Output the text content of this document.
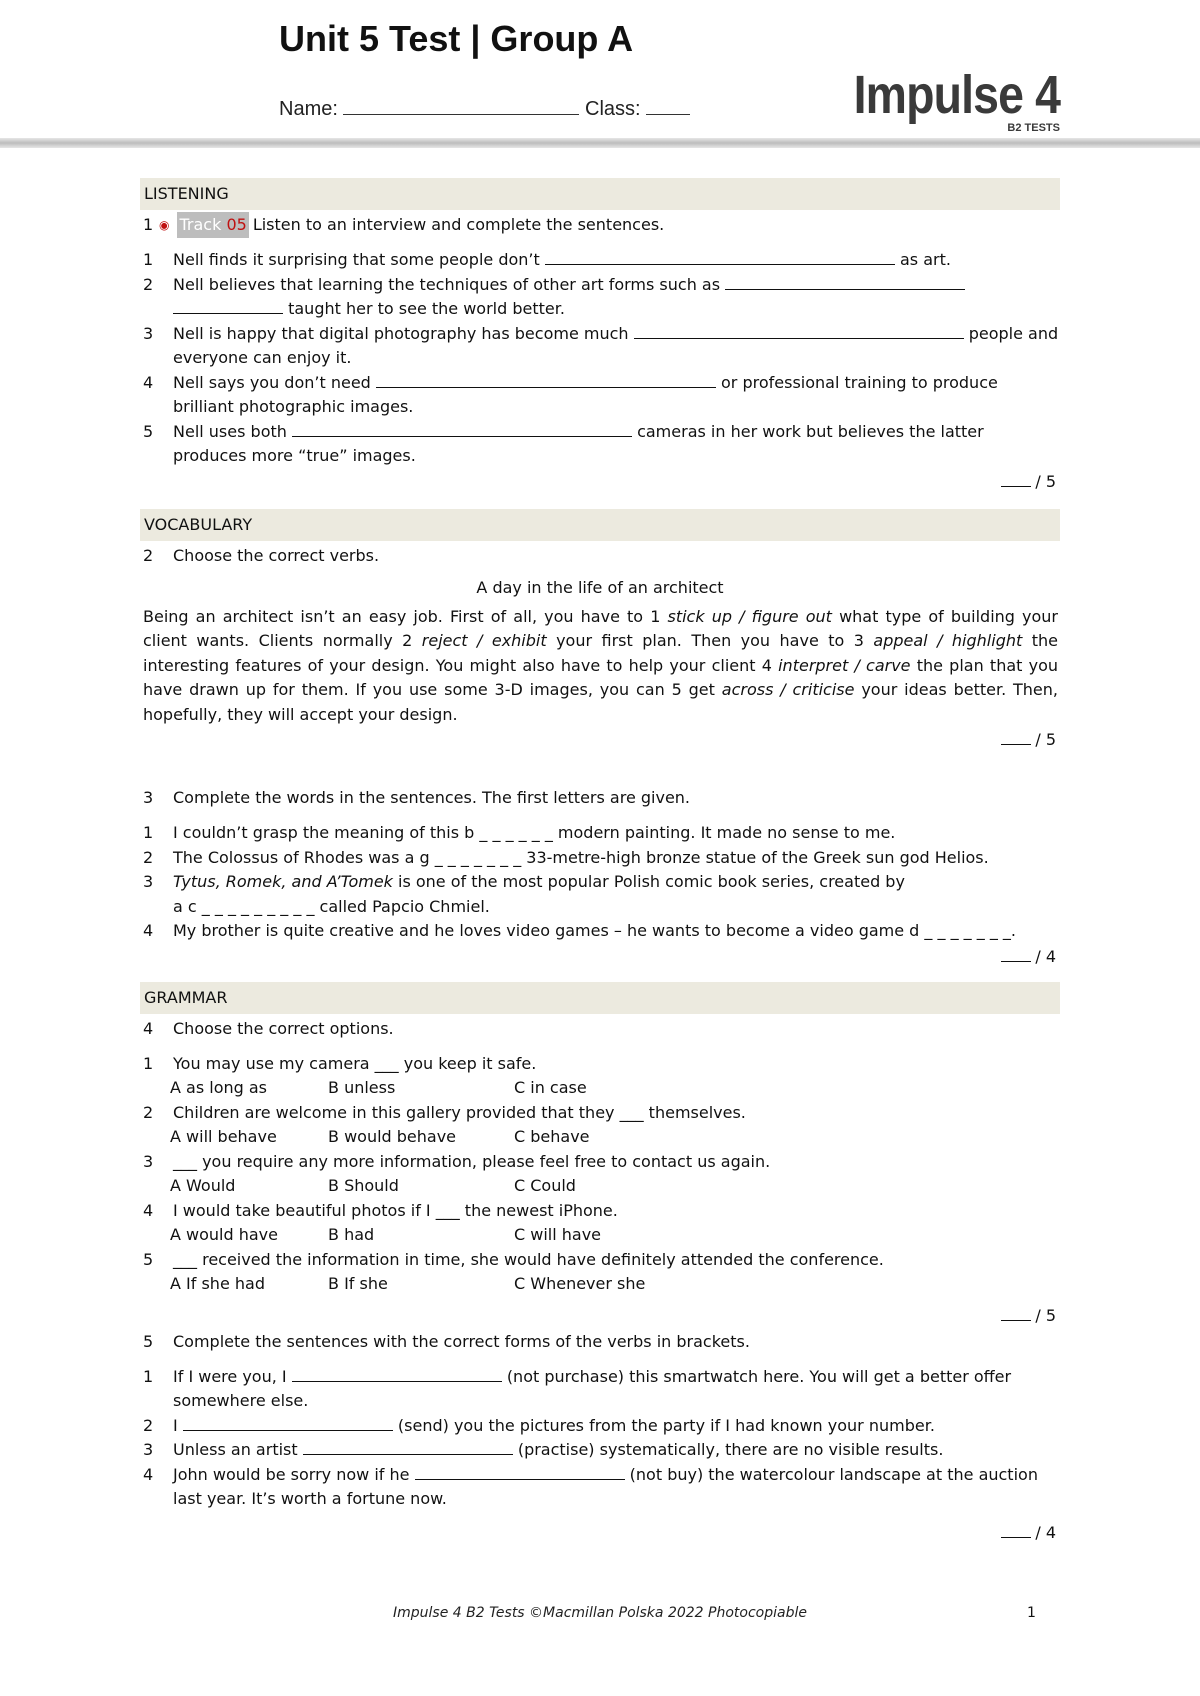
Unit 5 Test | Group A
Name:	Class:	Impulse 4
B2 TESTS
LISTENING
1 ◉ Track 05 Listen to an interview and complete the sentences.
1	Nell finds it surprising that some people don’t	as art.
2	Nell believes that learning the techniques of other art forms such as
taught her to see the world better.
3	Nell is happy that digital photography has become much	people and everyone can enjoy it.
4	Nell says you don’t need	or professional training to produce brilliant photographic images.
5	Nell uses both	cameras in her work but believes the latter produces more “true” images.
/ 5
VOCABULARY
2	Choose the correct verbs.
A day in the life of an architect
Being an architect isn’t an easy job. First of all, you have to 1 stick up / figure out what type of building your client wants. Clients normally 2 reject / exhibit your first plan. Then you have to 3 appeal / highlight the interesting features of your design. You might also have to help your client 4 interpret / carve the plan that you have drawn up for them. If you use some 3-D images, you can 5 get across / criticise your ideas better. Then, hopefully, they will accept your design.
/ 5
3	Complete the words in the sentences. The first letters are given.
1	I couldn’t grasp the meaning of this b _ _ _ _ _ _ modern painting. It made no sense to me.
2	The Colossus of Rhodes was a g _ _ _ _ _ _ _ 33-metre-high bronze statue of the Greek sun god Helios.
3	Tytus, Romek, and A’Tomek is one of the most popular Polish comic book series, created by
a c _ _ _ _ _ _ _ _ _ called Papcio Chmiel.
4	My brother is quite creative and he loves video games – he wants to become a video game d _ _ _ _ _ _ _.
/ 4
GRAMMAR
4	Choose the correct options.
1	You may use my camera ___ you keep it safe.
A as long as	B unless	C in case
2	Children are welcome in this gallery provided that they ___ themselves.
A will behave	B would behave	C behave
3	___ you require any more information, please feel free to contact us again.
A Would	B Should	C Could
4	I would take beautiful photos if I ___ the newest iPhone.
A would have	B had	C will have
5	___ received the information in time, she would have definitely attended the conference.
A If she had	B If she	C Whenever she
/ 5
5	Complete the sentences with the correct forms of the verbs in brackets.
1	If I were you, I	(not purchase) this smartwatch here. You will get a better offer
somewhere else.
2	I	(send) you the pictures from the party if I had known your number.
3	Unless an artist	(practise) systematically, there are no visible results.
4	John would be sorry now if he	(not buy) the watercolour landscape at the auction
last year. It’s worth a fortune now.
/ 4
Impulse 4 B2 Tests ©Macmillan Polska 2022 Photocopiable	1
